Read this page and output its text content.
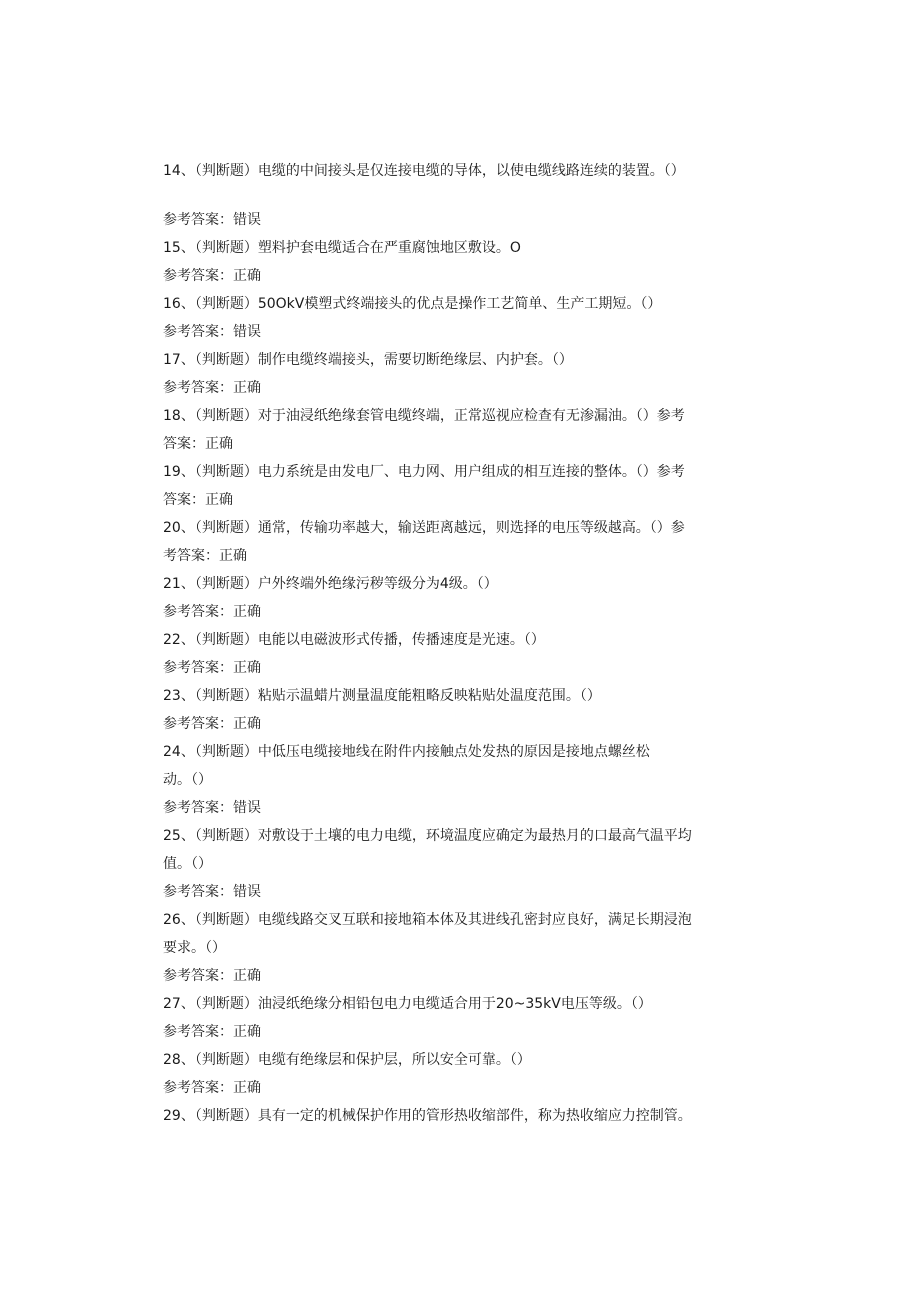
14、（判断题）电缆的中间接头是仅连接电缆的导体，以使电缆线路连续的装置。（）
参考答案：错误
15、（判断题）塑料护套电缆适合在严重腐蚀地区敷设。O
参考答案：正确
16、（判断题）50OkV模塑式终端接头的优点是操作工艺简单、生产工期短。（）
参考答案：错误
17、（判断题）制作电缆终端接头，需要切断绝缘层、内护套。（）
参考答案：正确
18、（判断题）对于油浸纸绝缘套管电缆终端，正常巡视应检查有无渗漏油。（）参考
答案：正确
19、（判断题）电力系统是由发电厂、电力网、用户组成的相互连接的整体。（）参考
答案：正确
20、（判断题）通常，传输功率越大，输送距离越远，则选择的电压等级越高。（）参
考答案：正确
21、（判断题）户外终端外绝缘污秽等级分为4级。（）
参考答案：正确
22、（判断题）电能以电磁波形式传播，传播速度是光速。（）
参考答案：正确
23、（判断题）粘贴示温蜡片测量温度能粗略反映粘贴处温度范围。（）
参考答案：正确
24、（判断题）中低压电缆接地线在附件内接触点处发热的原因是接地点螺丝松
动。（）
参考答案：错误
25、（判断题）对敷设于土壤的电力电缆，环境温度应确定为最热月的口最高气温平均
值。（）
参考答案：错误
26、（判断题）电缆线路交叉互联和接地箱本体及其进线孔密封应良好，满足长期浸泡
要求。（）
参考答案：正确
27、（判断题）油浸纸绝缘分相铅包电力电缆适合用于20~35kV电压等级。（）
参考答案：正确
28、（判断题）电缆有绝缘层和保护层，所以安全可靠。（）
参考答案：正确
29、（判断题）具有一定的机械保护作用的管形热收缩部件，称为热收缩应力控制管。
